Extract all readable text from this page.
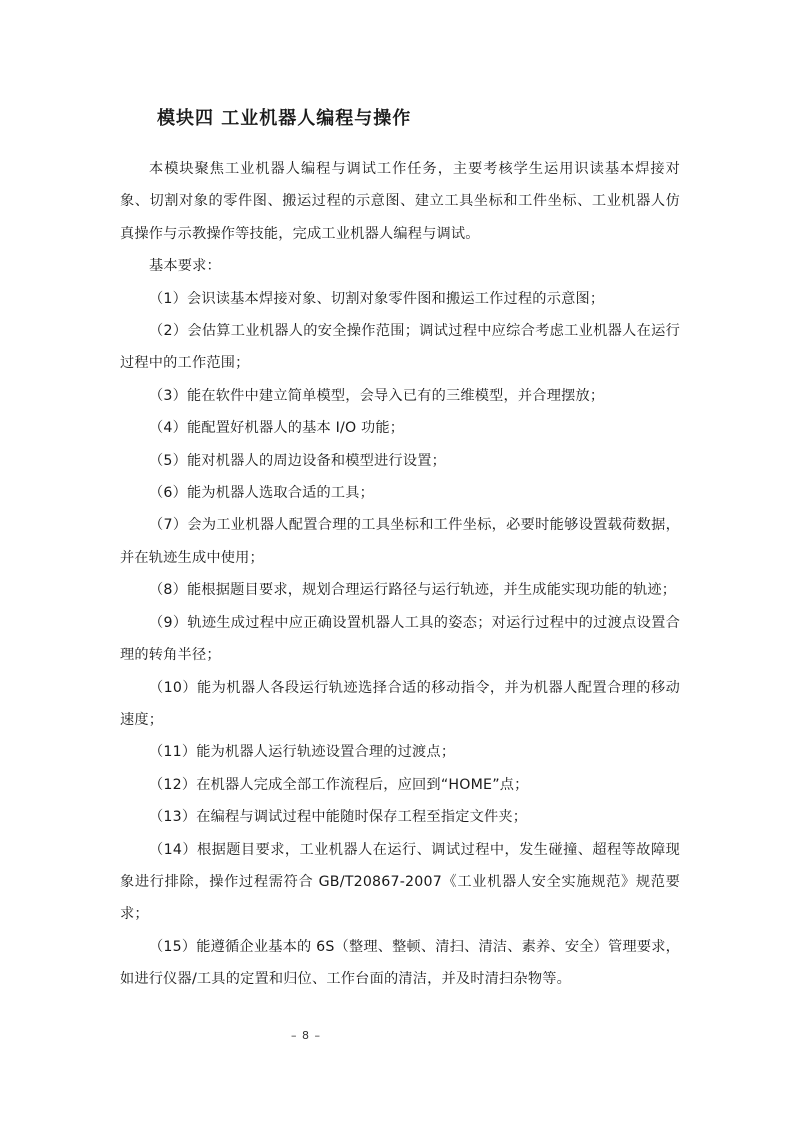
模块四 工业机器人编程与操作

本模块聚焦工业机器人编程与调试工作任务，主要考核学生运用识读基本焊接对象、切割对象的零件图、搬运过程的示意图、建立工具坐标和工件坐标、工业机器人仿真操作与示教操作等技能，完成工业机器人编程与调试。

基本要求：

（1）会识读基本焊接对象、切割对象零件图和搬运工作过程的示意图；

（2）会估算工业机器人的安全操作范围；调试过程中应综合考虑工业机器人在运行过程中的工作范围；

（3）能在软件中建立简单模型，会导入已有的三维模型，并合理摆放；

（4）能配置好机器人的基本 I/O 功能；

（5）能对机器人的周边设备和模型进行设置；

（6）能为机器人选取合适的工具；

（7）会为工业机器人配置合理的工具坐标和工件坐标，必要时能够设置载荷数据，并在轨迹生成中使用；

（8）能根据题目要求，规划合理运行路径与运行轨迹，并生成能实现功能的轨迹；

（9）轨迹生成过程中应正确设置机器人工具的姿态；对运行过程中的过渡点设置合理的转角半径；

（10）能为机器人各段运行轨迹选择合适的移动指令，并为机器人配置合理的移动速度；

（11）能为机器人运行轨迹设置合理的过渡点；

（12）在机器人完成全部工作流程后，应回到“HOME”点；

（13）在编程与调试过程中能随时保存工程至指定文件夹；

（14）根据题目要求，工业机器人在运行、调试过程中，发生碰撞、超程等故障现象进行排除，操作过程需符合 GB/T20867-2007《工业机器人安全实施规范》规范要求；

（15）能遵循企业基本的 6S（整理、整顿、清扫、清洁、素养、安全）管理要求，如进行仪器/工具的定置和归位、工作台面的清洁，并及时清扫杂物等。

– 8 –
